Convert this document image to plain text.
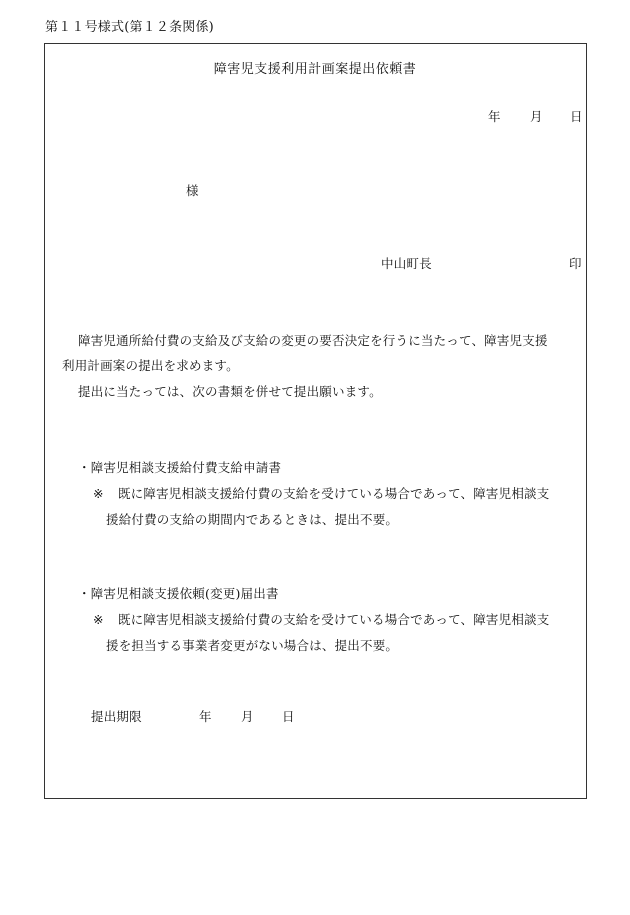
第１１号様式(第１２条関係)
障害児支援利用計画案提出依頼書
年 月 日
様
中山町長	印
障害児通所給付費の支給及び支給の変更の要否決定を行うに当たって、障害児支援
利用計画案の提出を求めます。
提出に当たっては、次の書類を併せて提出願います。
・障害児相談支援給付費支給申請書
※ 既に障害児相談支援給付費の支給を受けている場合であって、障害児相談支
援給付費の支給の期間内であるときは、提出不要。
・障害児相談支援依頼(変更)届出書
※ 既に障害児相談支援給付費の支給を受けている場合であって、障害児相談支
援を担当する事業者変更がない場合は、提出不要。
提出期限	年 月 日
